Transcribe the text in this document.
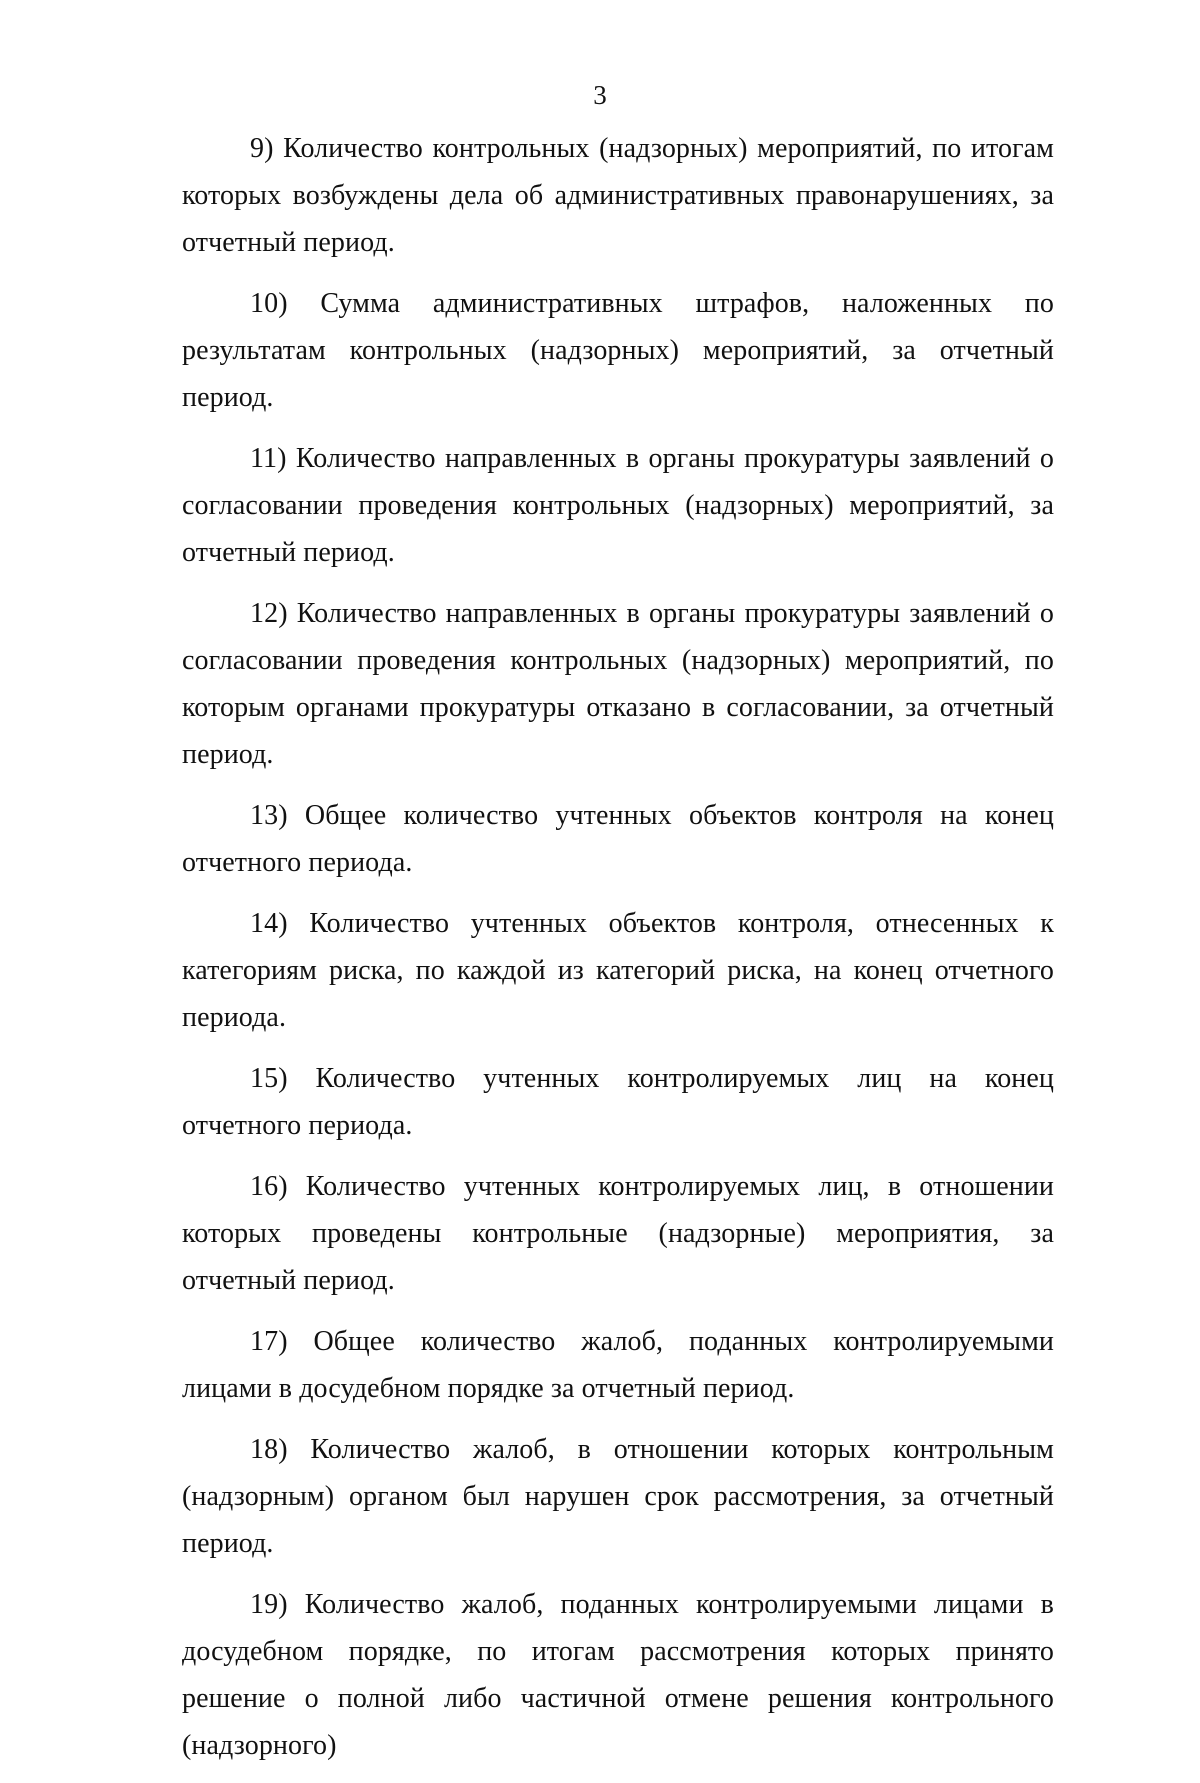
3

9) Количество контрольных (надзорных) мероприятий, по итогам которых возбуждены дела об административных правонарушениях, за отчетный период.

10) Сумма административных штрафов, наложенных по результатам контрольных (надзорных) мероприятий, за отчетный период.

11) Количество направленных в органы прокуратуры заявлений о согласовании проведения контрольных (надзорных) мероприятий, за отчетный период.

12) Количество направленных в органы прокуратуры заявлений о согласовании проведения контрольных (надзорных) мероприятий, по которым органами прокуратуры отказано в согласовании, за отчетный период.

13) Общее количество учтенных объектов контроля на конец отчетного периода.

14) Количество учтенных объектов контроля, отнесенных к категориям риска, по каждой из категорий риска, на конец отчетного периода.

15) Количество учтенных контролируемых лиц на конец отчетного периода.

16) Количество учтенных контролируемых лиц, в отношении которых проведены контрольные (надзорные) мероприятия, за отчетный период.

17) Общее количество жалоб, поданных контролируемыми лицами в досудебном порядке за отчетный период.

18) Количество жалоб, в отношении которых контрольным (надзорным) органом был нарушен срок рассмотрения, за отчетный период.

19) Количество жалоб, поданных контролируемыми лицами в досудебном порядке, по итогам рассмотрения которых принято решение о полной либо частичной отмене решения контрольного (надзорного)
